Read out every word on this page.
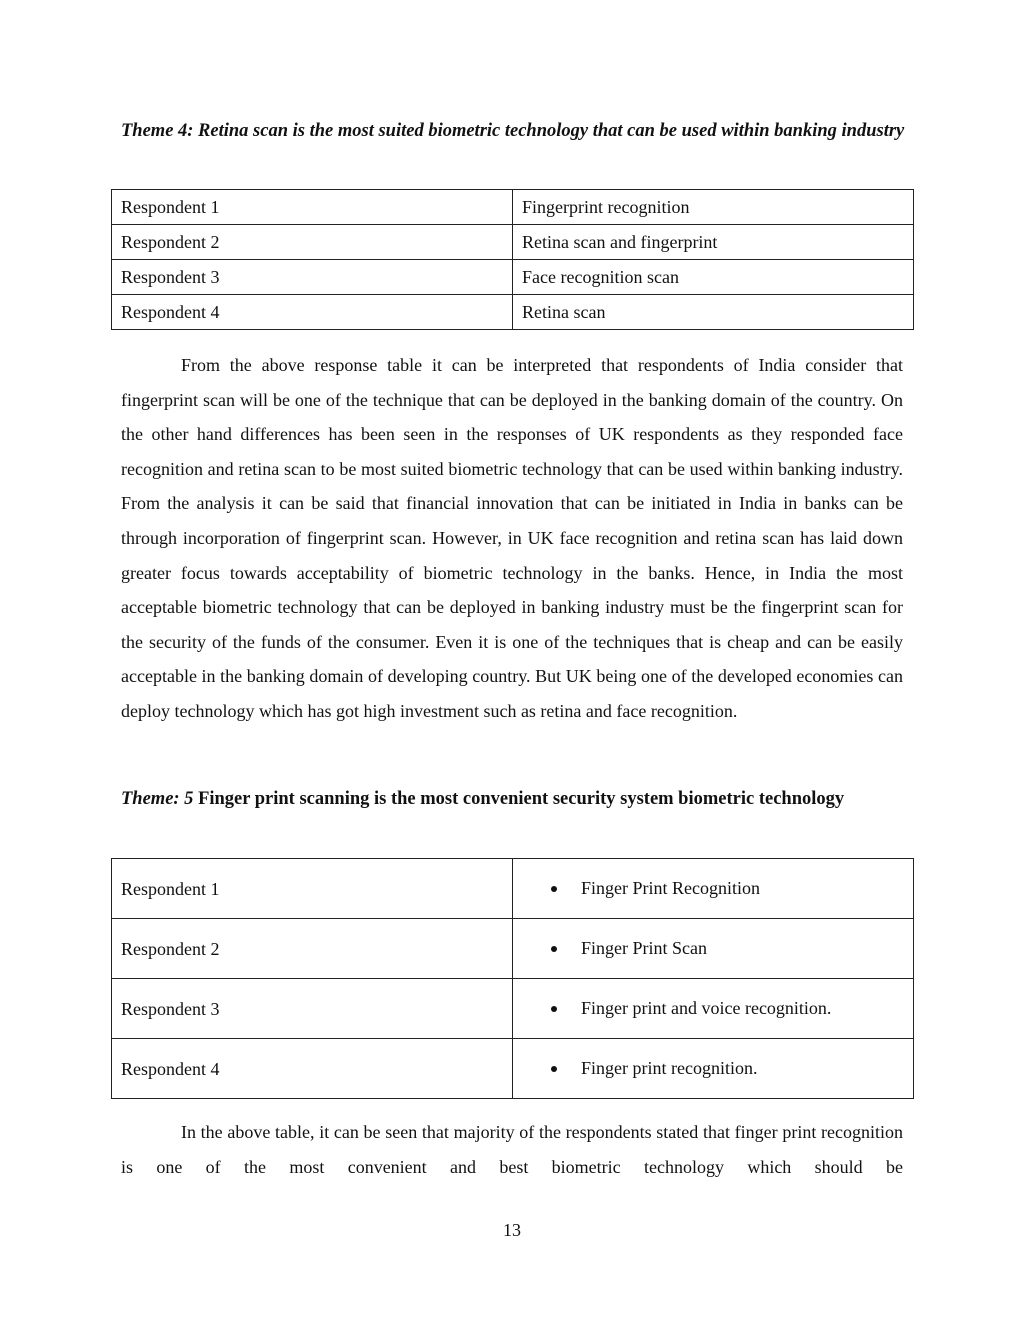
Theme 4: Retina scan is the most suited biometric technology that can be used within banking industry

Respondent 1	Fingerprint recognition
Respondent 2	Retina scan and fingerprint
Respondent 3	Face recognition scan
Respondent 4	Retina scan

From the above response table it can be interpreted that respondents of India consider that fingerprint scan will be one of the technique that can be deployed in the banking domain of the country. On the other hand differences has been seen in the responses of UK respondents as they responded face recognition and retina scan to be most suited biometric technology that can be used within banking industry. From the analysis it can be said that financial innovation that can be initiated in India in banks can be through incorporation of fingerprint scan. However, in UK face recognition and retina scan has laid down greater focus towards acceptability of biometric technology in the banks. Hence, in India the most acceptable biometric technology that can be deployed in banking industry must be the fingerprint scan for the security of the funds of the consumer. Even it is one of the techniques that is cheap and can be easily acceptable in the banking domain of developing country. But UK being one of the developed economies can deploy technology which has got high investment such as retina and face recognition.

Theme: 5 Finger print scanning is the most convenient security system biometric technology

Respondent 1	Finger Print Recognition
Respondent 2	Finger Print Scan
Respondent 3	Finger print and voice recognition.
Respondent 4	Finger print recognition.

In the above table, it can be seen that majority of the respondents stated that finger print recognition is one of the most convenient and best biometric technology which should be

13
